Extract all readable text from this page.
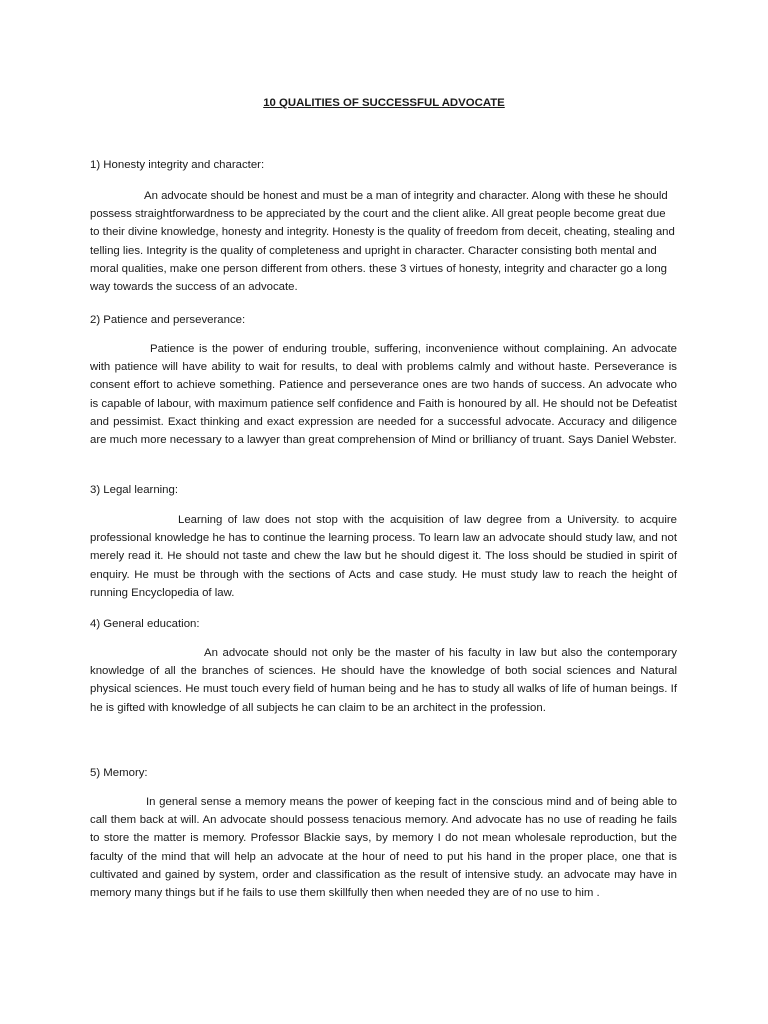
10 QUALITIES OF SUCCESSFUL ADVOCATE

1) Honesty integrity and character:

An advocate should be honest and must be a man of integrity and character. Along with these he should possess straightforwardness to be appreciated by the court and the client alike. All great people become great due to their divine knowledge, honesty and integrity. Honesty is the quality of freedom from deceit, cheating, stealing and telling lies. Integrity is the quality of completeness and upright in character. Character consisting both mental and moral qualities, make one person different from others. these 3 virtues of honesty, integrity and character go a long way towards the success of an advocate.

2) Patience and perseverance:

Patience is the power of enduring trouble, suffering, inconvenience without complaining. An advocate with patience will have ability to wait for results, to deal with problems calmly and without haste. Perseverance is consent effort to achieve something. Patience and perseverance ones are two hands of success. An advocate who is capable of labour, with maximum patience self confidence and Faith is honoured by all. He should not be Defeatist and pessimist. Exact thinking and exact expression are needed for a successful advocate. Accuracy and diligence are much more necessary to a lawyer than great comprehension of Mind or brilliancy of truant. Says Daniel Webster.

3) Legal learning:

Learning of law does not stop with the acquisition of law degree from a University. to acquire professional knowledge he has to continue the learning process. To learn law an advocate should study law, and not merely read it. He should not taste and chew the law but he should digest it. The loss should be studied in spirit of enquiry. He must be through with the sections of Acts and case study. He must study law to reach the height of running Encyclopedia of law.

4) General education:

An advocate should not only be the master of his faculty in law but also the contemporary knowledge of all the branches of sciences. He should have the knowledge of both social sciences and Natural physical sciences. He must touch every field of human being and he has to study all walks of life of human beings. If he is gifted with knowledge of all subjects he can claim to be an architect in the profession.

5) Memory:

In general sense a memory means the power of keeping fact in the conscious mind and of being able to call them back at will. An advocate should possess tenacious memory. And advocate has no use of reading he fails to store the matter is memory. Professor Blackie says, by memory I do not mean wholesale reproduction, but the faculty of the mind that will help an advocate at the hour of need to put his hand in the proper place, one that is cultivated and gained by system, order and classification as the result of intensive study. an advocate may have in memory many things but if he fails to use them skillfully then when needed they are of no use to him .
